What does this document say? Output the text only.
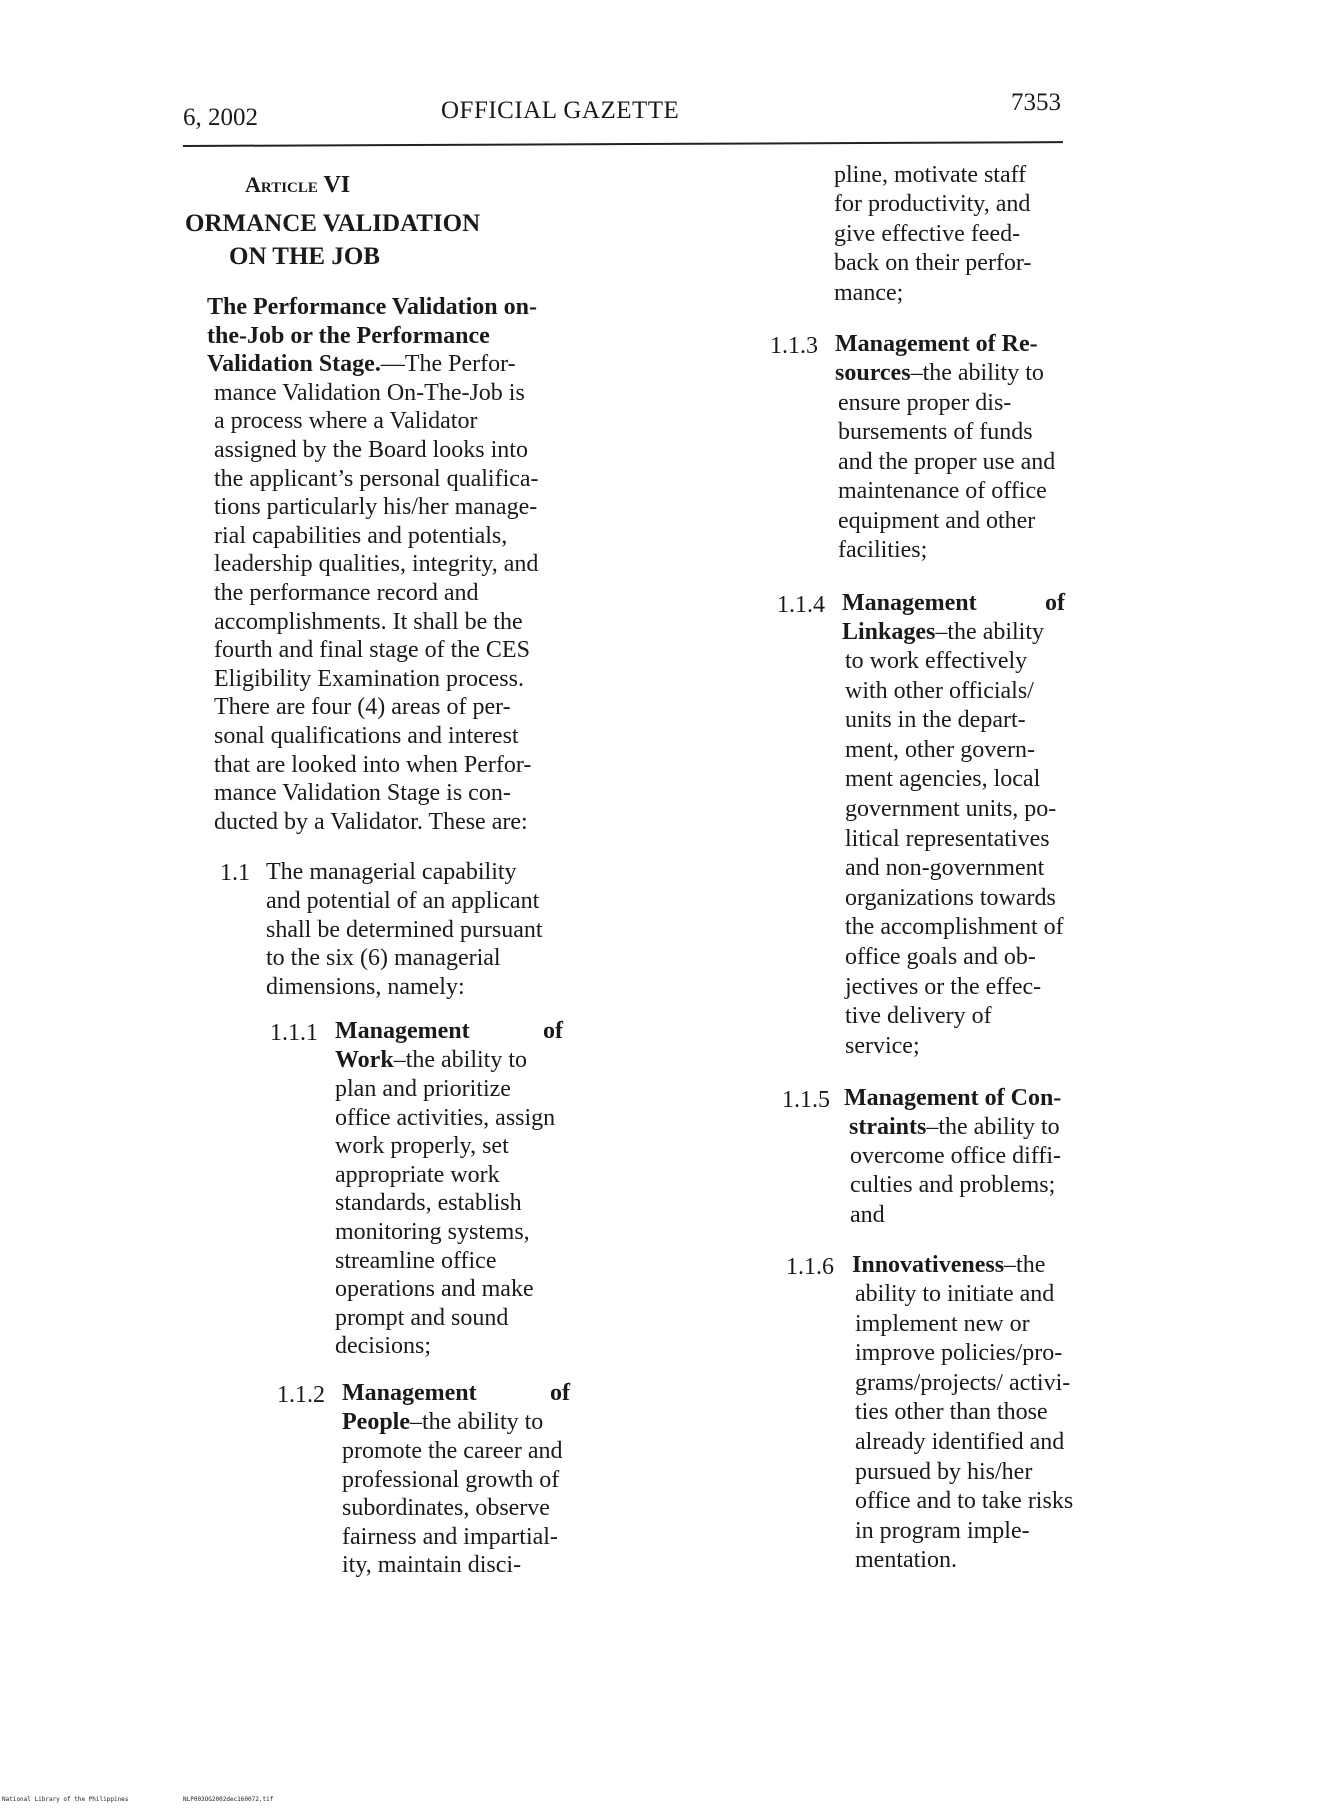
6, 2002	OFFICIAL GAZETTE	7353
Article VI
ORMANCE VALIDATION
ON THE JOB
The Performance Validation on-
the-Job or the Performance
Validation Stage.—The Perfor-
mance Validation On-The-Job is
a process where a Validator
assigned by the Board looks into
the applicant’s personal qualifica-
tions particularly his/her manage-
rial capabilities and potentials,
leadership qualities, integrity, and
the performance record and
accomplishments. It shall be the
fourth and final stage of the CES
Eligibility Examination process.
There are four (4) areas of per-
sonal qualifications and interest
that are looked into when Perfor-
mance Validation Stage is con-
ducted by a Validator. These are:
1.1 The managerial capability
and potential of an applicant
shall be determined pursuant
to the six (6) managerial
dimensions, namely:
1.1.1 Management	of
Work–the ability to
plan and prioritize
office activities, assign
work properly, set
appropriate work
standards, establish
monitoring systems,
streamline office
operations and make
prompt and sound
decisions;
1.1.2 Management	of
People–the ability to
promote the career and
professional growth of
subordinates, observe
fairness and impartial-
ity, maintain disci-
pline, motivate staff
for productivity, and
give effective feed-
back on their perfor-
mance;
1.1.3 Management of Re-
sources–the ability to
ensure proper dis-
bursements of funds
and the proper use and
maintenance of office
equipment and other
facilities;
1.1.4 Management	of
Linkages–the ability
to work effectively
with other officials/
units in the depart-
ment, other govern-
ment agencies, local
government units, po-
litical representatives
and non-government
organizations towards
the accomplishment of
office goals and ob-
jectives or the effec-
tive delivery of
service;
1.1.5 Management of Con-
straints–the ability to
overcome office diffi-
culties and problems;
and
1.1.6 Innovativeness–the
ability to initiate and
implement new or
improve policies/pro-
grams/projects/ activi-
ties other than those
already identified and
pursued by his/her
office and to take risks
in program imple-
mentation.
National Library of the Philippines	NLP003OG2002dec160072.tif
